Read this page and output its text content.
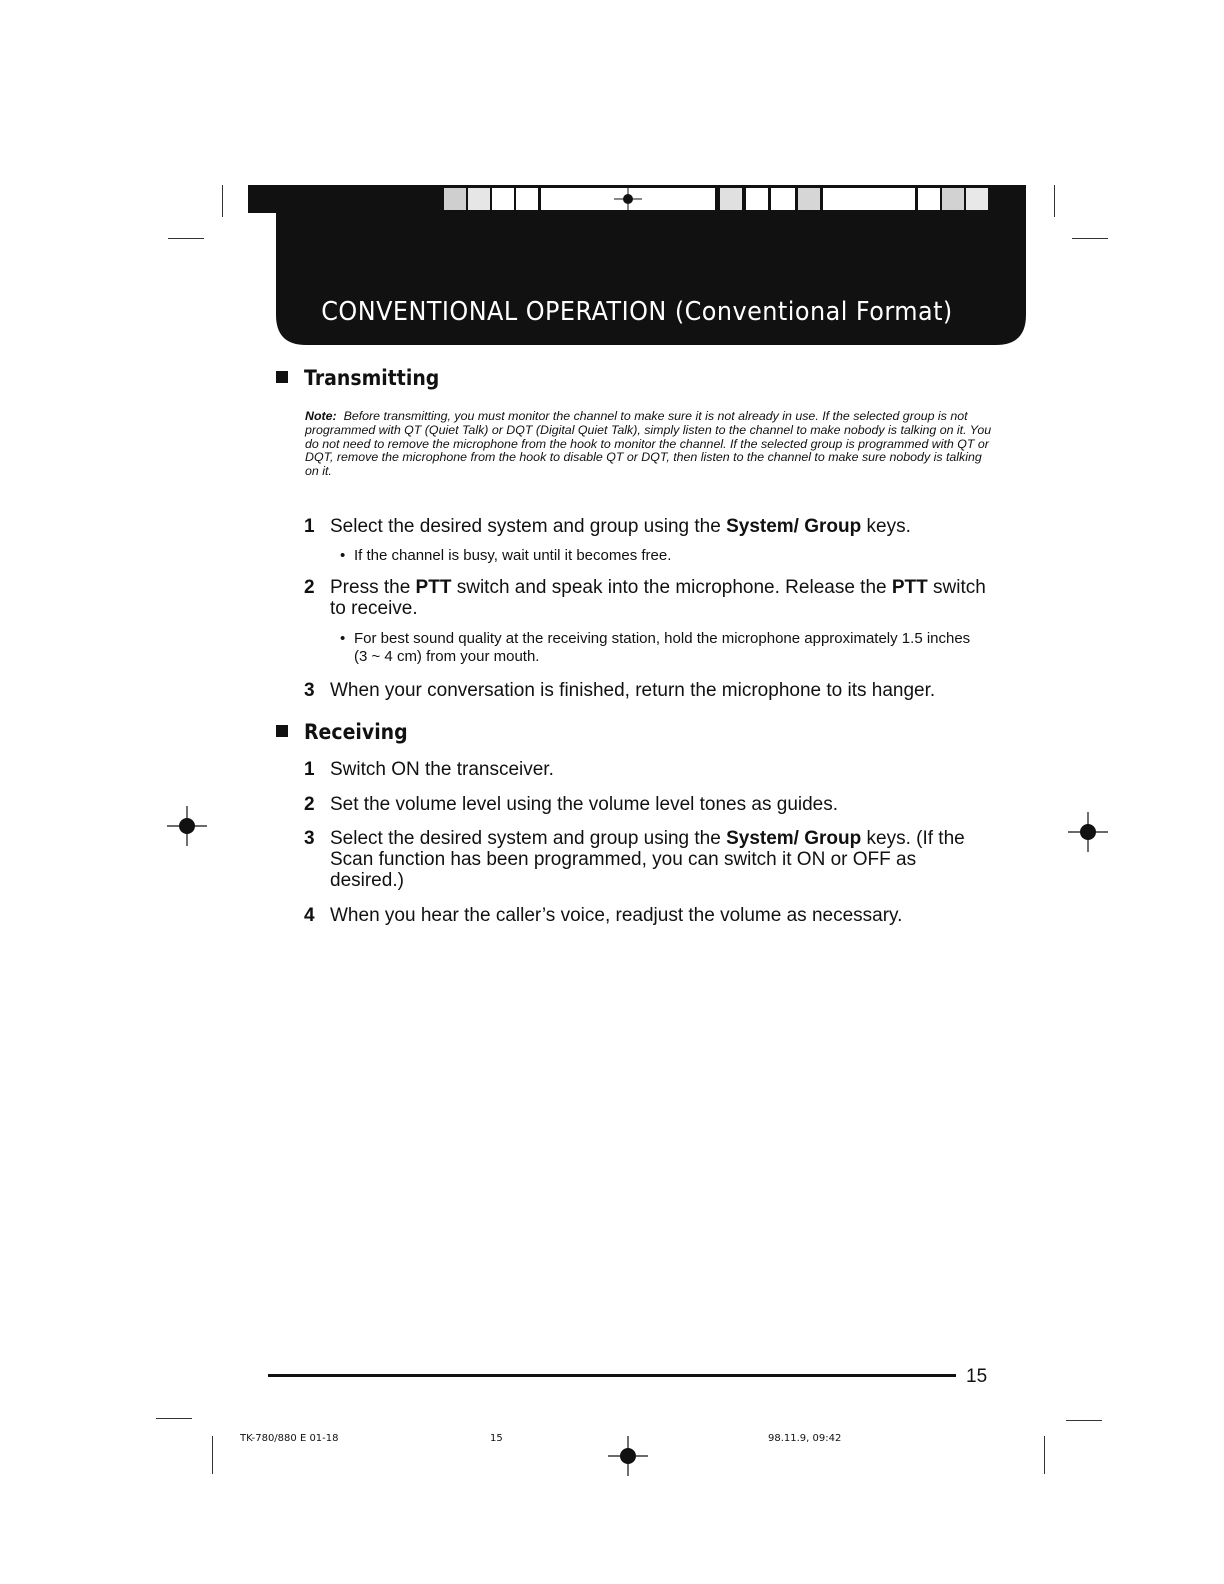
CONVENTIONAL OPERATION (Conventional Format)
Transmitting
Note: Before transmitting, you must monitor the channel to make sure it is not already in use. If the selected group is not programmed with QT (Quiet Talk) or DQT (Digital Quiet Talk), simply listen to the channel to make nobody is talking on it. You do not need to remove the microphone from the hook to monitor the channel. If the selected group is programmed with QT or DQT, remove the microphone from the hook to disable QT or DQT, then listen to the channel to make sure nobody is talking on it.
1 Select the desired system and group using the System/ Group keys.
• If the channel is busy, wait until it becomes free.
2 Press the PTT switch and speak into the microphone. Release the PTT switch to receive.
• For best sound quality at the receiving station, hold the microphone approximately 1.5 inches (3 ~ 4 cm) from your mouth.
3 When your conversation is finished, return the microphone to its hanger.
Receiving
1 Switch ON the transceiver.
2 Set the volume level using the volume level tones as guides.
3 Select the desired system and group using the System/ Group keys. (If the Scan function has been programmed, you can switch it ON or OFF as desired.)
4 When you hear the caller’s voice, readjust the volume as necessary.
15
TK-780/880 E 01-18	15	98.11.9, 09:42
